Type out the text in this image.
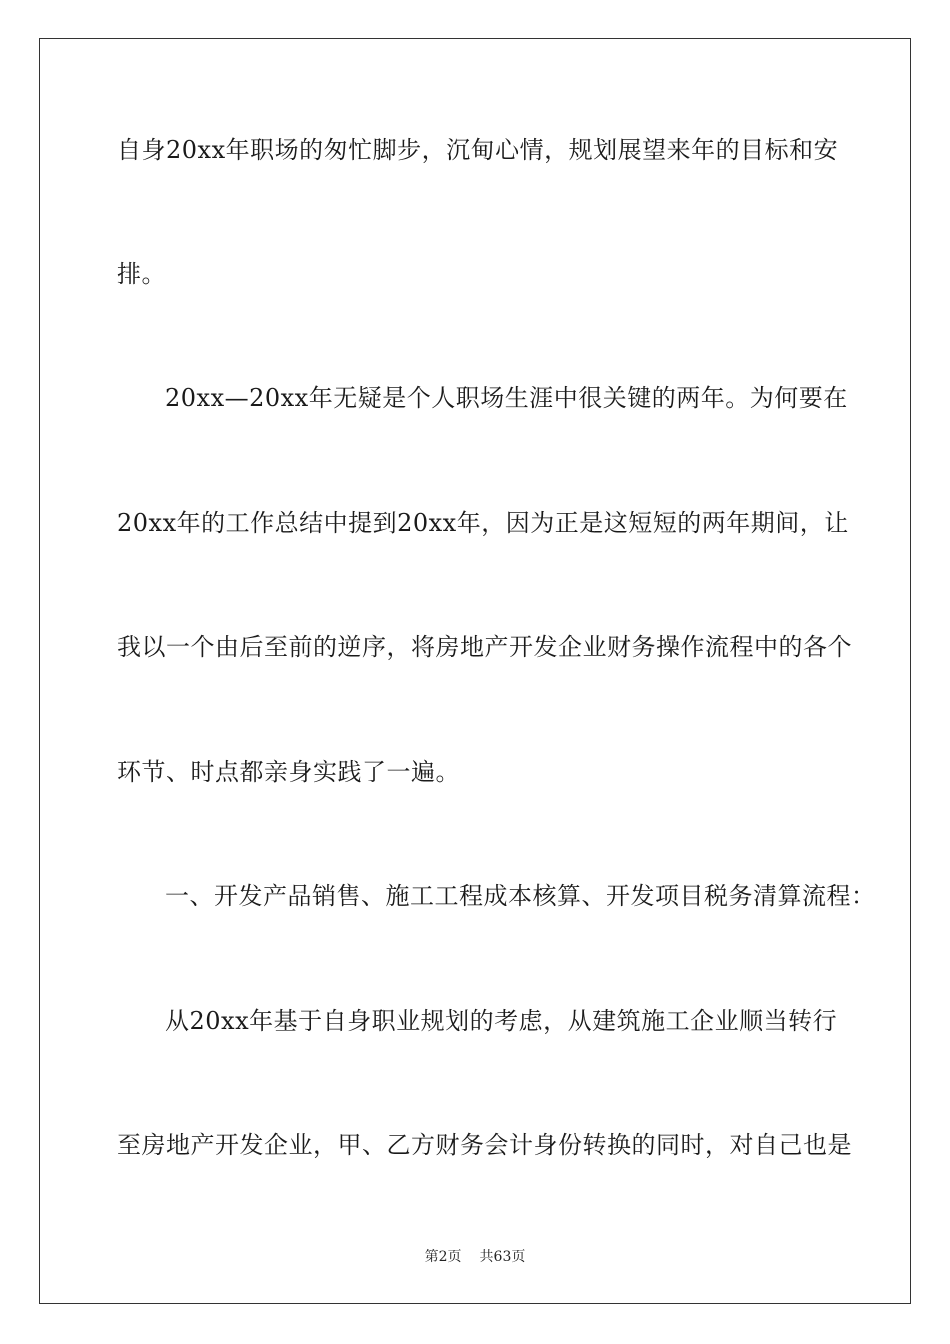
自身20xx年职场的匆忙脚步，沉甸心情，规划展望来年的目标和安
排。
20xx—20xx年无疑是个人职场生涯中很关键的两年。为何要在
20xx年的工作总结中提到20xx年，因为正是这短短的两年期间，让
我以一个由后至前的逆序，将房地产开发企业财务操作流程中的各个
环节、时点都亲身实践了一遍。
一、开发产品销售、施工工程成本核算、开发项目税务清算流程：
从20xx年基于自身职业规划的考虑，从建筑施工企业顺当转行
至房地产开发企业，甲、乙方财务会计身份转换的同时，对自己也是
第2页 共63页
